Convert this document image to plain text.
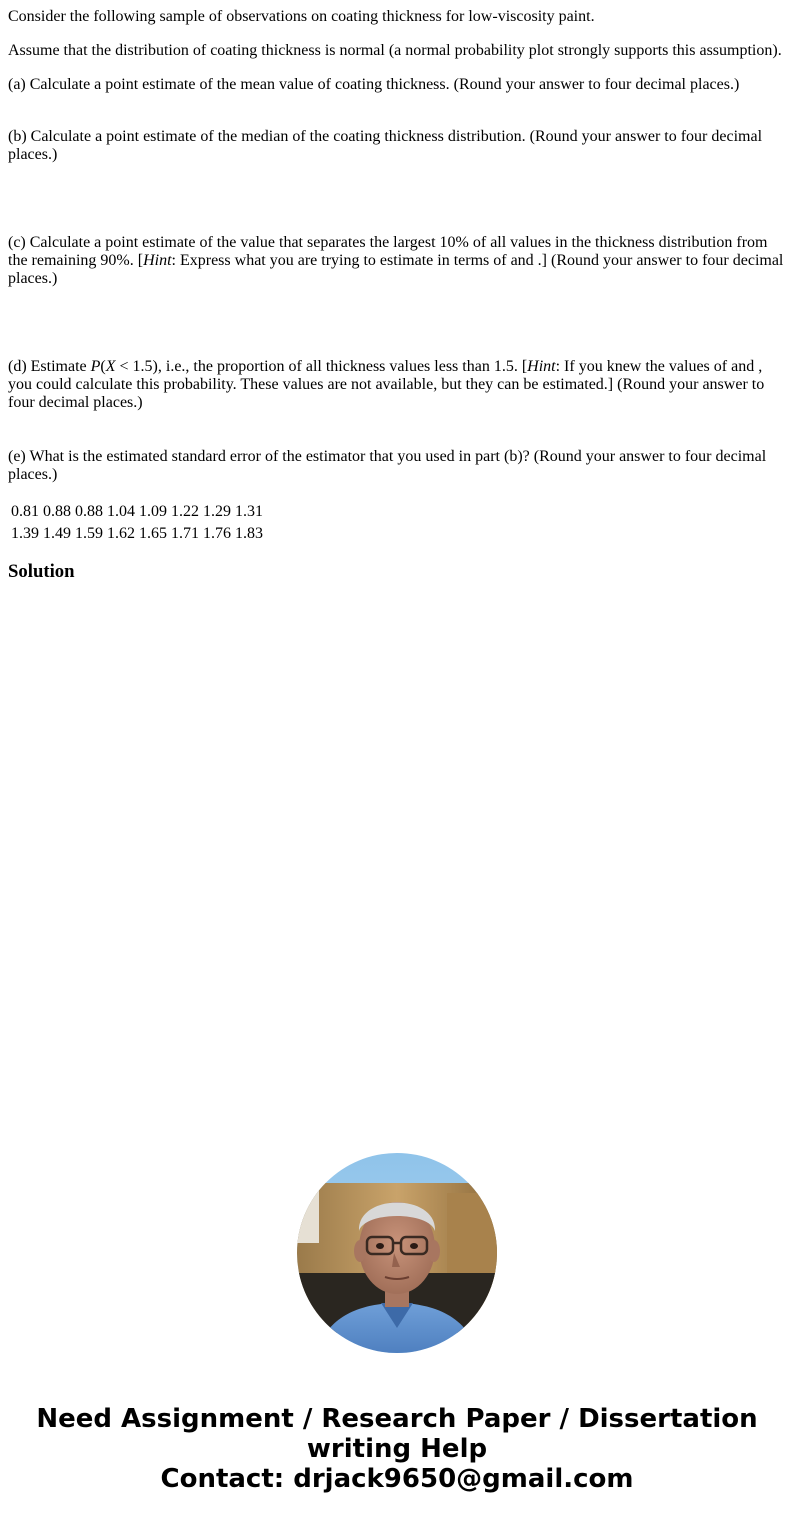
Consider the following sample of observations on coating thickness for low-viscosity paint.

Assume that the distribution of coating thickness is normal (a normal probability plot strongly supports this assumption).

(a) Calculate a point estimate of the mean value of coating thickness. (Round your answer to four decimal places.)

(b) Calculate a point estimate of the median of the coating thickness distribution. (Round your answer to four decimal places.)

(c) Calculate a point estimate of the value that separates the largest 10% of all values in the thickness distribution from the remaining 90%. [Hint: Express what you are trying to estimate in terms of and .] (Round your answer to four decimal places.)

(d) Estimate P(X < 1.5), i.e., the proportion of all thickness values less than 1.5. [Hint: If you knew the values of and , you could calculate this probability. These values are not available, but they can be estimated.] (Round your answer to four decimal places.)

(e) What is the estimated standard error of the estimator that you used in part (b)? (Round your answer to four decimal places.)

0.81	0.88	0.88	1.04	1.09	1.22	1.29	1.31
1.39	1.49	1.59	1.62	1.65	1.71	1.76	1.83
Solution
Need Assignment / Research Paper / Dissertation
writing Help
Contact: drjack9650@gmail.com
